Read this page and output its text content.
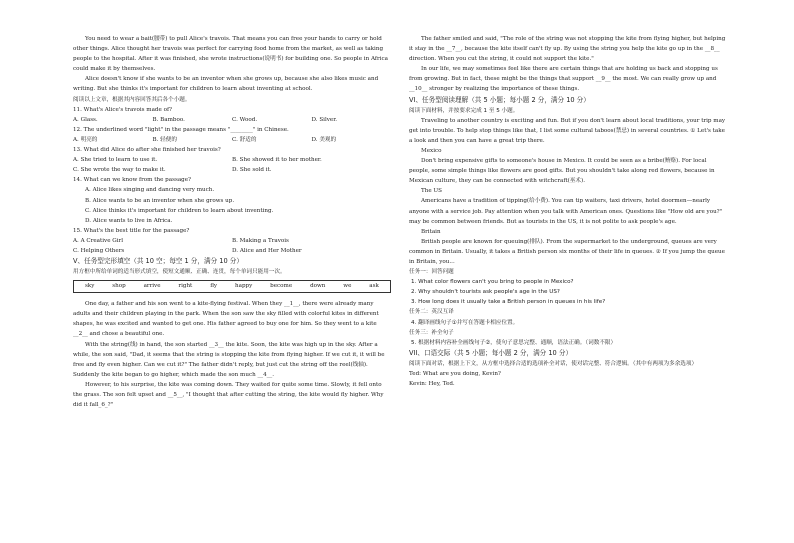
You need to wear a bait(腰带) to pull Alice's travois. That means you can free your hands to carry or hold other things. Alice thought her travois was perfect for carrying food home from the market, as well as taking people to the hospital. After it was finished, she wrote instructions(说明书) for building one. So people in Africa could make it by themselves.

Alice doesn't know if she wants to be an inventor when she grows up, because she also likes music and writing. But she thinks it's important for children to learn about inventing at school.

阅读以上文章，根据其内容回答其后各个小题。

11. What's Alice's travois made of?

A. Glass.	B. Bamboo.	C. Wood.	D. Silver.

12. The underlined word "light" in the passage means "________" in Chinese.

A. 明亮的	B. 轻便的	C. 舒适的	D. 美观的

13. What did Alice do after she finished her travois?

A. She tried to learn to use it.	B. She showed it to her mother.
C. She wrote the way to make it.	D. She sold it.

14. What can we know from the passage?

A. Alice likes singing and dancing very much.

B. Alice wants to be an inventor when she grows up.

C. Alice thinks it's important for children to learn about inventing.

D. Alice wants to live in Africa.

15. What's the best title for the passage?

A. A Creative Girl	B. Making a Travois
C. Helping Others	D. Alice and Her Mother

V、任务型完形填空（共 10 空；每空 1 分，满分 10 分）

用方框中所给单词的适当形式填空，使短文通顺、正确、连贯，每个单词只能用一次。

sky	shop	arrive	right	fly	happy	become	down	we	ask

One day, a father and his son went to a kite-flying festival. When they __1__, there were already many adults and their children playing in the park. When the son saw the sky filled with colorful kites in different shapes, he was excited and wanted to get one. His father agreed to buy one for him. So they went to a kite __2__ and chose a beautiful one.

With the string(线) in hand, the son started __3__ the kite. Soon, the kite was high up in the sky. After a while, the son said, "Dad, it seems that the string is stopping the kite from flying higher. If we cut it, it will be free and fly even higher. Can we cut it?" The father didn't reply, but just cut the string off the reel(线轴). Suddenly the kite began to go higher, which made the son much __4__.

However, to his surprise, the kite was coming down. They waited for quite some time. Slowly, it fell onto the grass. The son felt upset and __5__, "I thought that after cutting the string, the kite would fly higher. Why did it fall_6_?"

The father smiled and said, "The role of the string was not stopping the kite from flying higher, but helping it stay in the __7__, because the kite itself can't fly up. By using the string you help the kite go up in the __8__ direction. When you cut the string, it could not support the kite."

In our life, we may sometimes feel like there are certain things that are holding us back and stopping us from growing. But in fact, these might be the things that support __9__ the most. We can really grow up and __10__ stronger by realizing the importance of these things.

VI、任务型阅读理解（共 5 小题；每小题 2 分，满分 10 分）

阅读下面材料，并按要求完成 1 至 5 小题。

Traveling to another country is exciting and fun. But if you don't learn about local traditions, your trip may get into trouble. To help stop things like that, I list some cultural taboos(禁忌) in several countries. ① Let's take a look and then you can have a great trip there.

Mexico

Don't bring expensive gifts to someone's house in Mexico. It could be seen as a bribe(贿赂). For local people, some simple things like flowers are good gifts. But you shouldn't take along red flowers, because in Mexican culture, they can be connected with witchcraft(巫术).

The US

Americans have a tradition of tipping(给小费). You can tip waiters, taxi drivers, hotel doormen—nearly anyone with a service job. Pay attention when you talk with American ones. Questions like "How old are you?" may be common between friends. But as tourists in the US, it is not polite to ask people's age.

Britain

British people are known for queuing(排队). From the supermarket to the underground, queues are very common in Britain. Usually, it takes a British person six months of their life in queues. ② If you jump the queue in Britain, you...

任务一：回答问题

1. What color flowers can't you bring to people in Mexico?

2. Why shouldn't tourists ask people's age in the US?

3. How long does it usually take a British person in queues in his life?

任务二：英汉互译

4. 翻译画线句子①并写在答题卡相应位置。

任务三：补全句子

5. 根据材料内容补全画线句子②，使句子意思完整、通顺，语法正确。（词数不限）

VII、口语交际（共 5 小题；每小题 2 分，满分 10 分）

阅读下面对话，根据上下文，从方框中选择合适的选项补全对话，使对话完整、符合逻辑。（其中有两项为多余选项）

Ted: What are you doing, Kevin?

Kevin: Hey, Ted.
